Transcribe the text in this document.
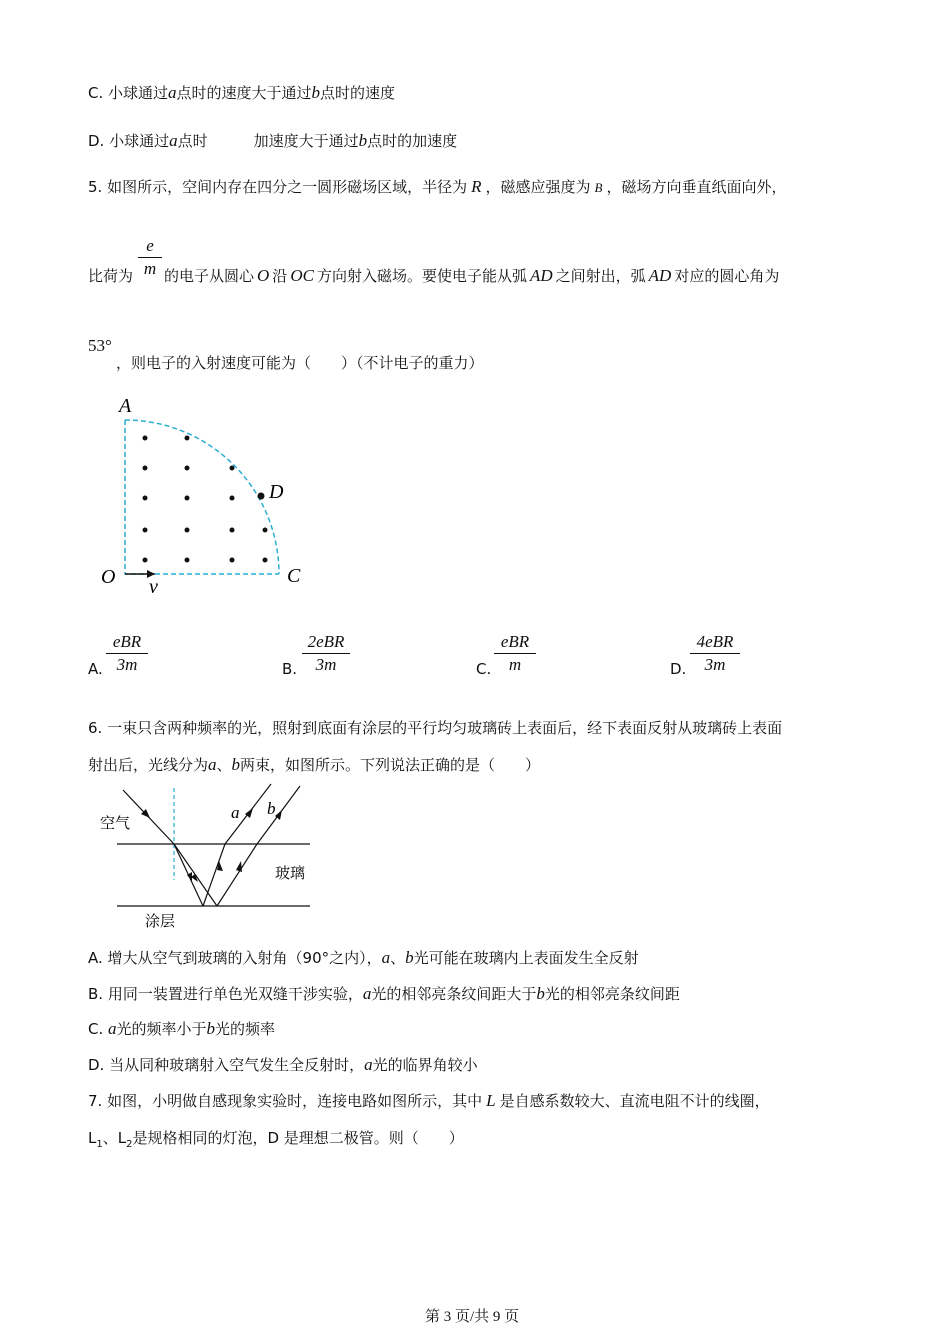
C. 小球通过a点时的速度大于通过b点时的速度
D. 小球通过a点时	加速度大于通过b点时的加速度
5. 如图所示，空间内存在四分之一圆形磁场区域，半径为 R ，磁感应强度为 B ，磁场方向垂直纸面向外，
e
m
比荷为 的电子从圆心 O 沿 OC 方向射入磁场。要使电子能从弧 AD 之间射出，弧 AD 对应的圆心角为
53°
，则电子的入射速度可能为（　　）（不计电子的重力）
A
D
O	C
v
A.
eBR
3m	B.
2eBR
3m	C.
eBR
m	D.
4eBR
3m
6. 一束只含两种频率的光，照射到底面有涂层的平行均匀玻璃砖上表面后，经下表面反射从玻璃砖上表面
射出后，光线分为a、b两束，如图所示。下列说法正确的是（　　）
空气
玻璃
涂层
a b
A. 增大从空气到玻璃的入射角（90°之内），a、b光可能在玻璃内上表面发生全反射
B. 用同一装置进行单色光双缝干涉实验，a光的相邻亮条纹间距大于b光的相邻亮条纹间距
C. a光的频率小于b光的频率
D. 当从同种玻璃射入空气发生全反射时，a光的临界角较小
7. 如图，小明做自感现象实验时，连接电路如图所示，其中 L 是自感系数较大、直流电阻不计的线圈，
$L_1$、$L_2$是规格相同的灯泡，D 是理想二极管。则（　　）
第 3 页/共 9 页
